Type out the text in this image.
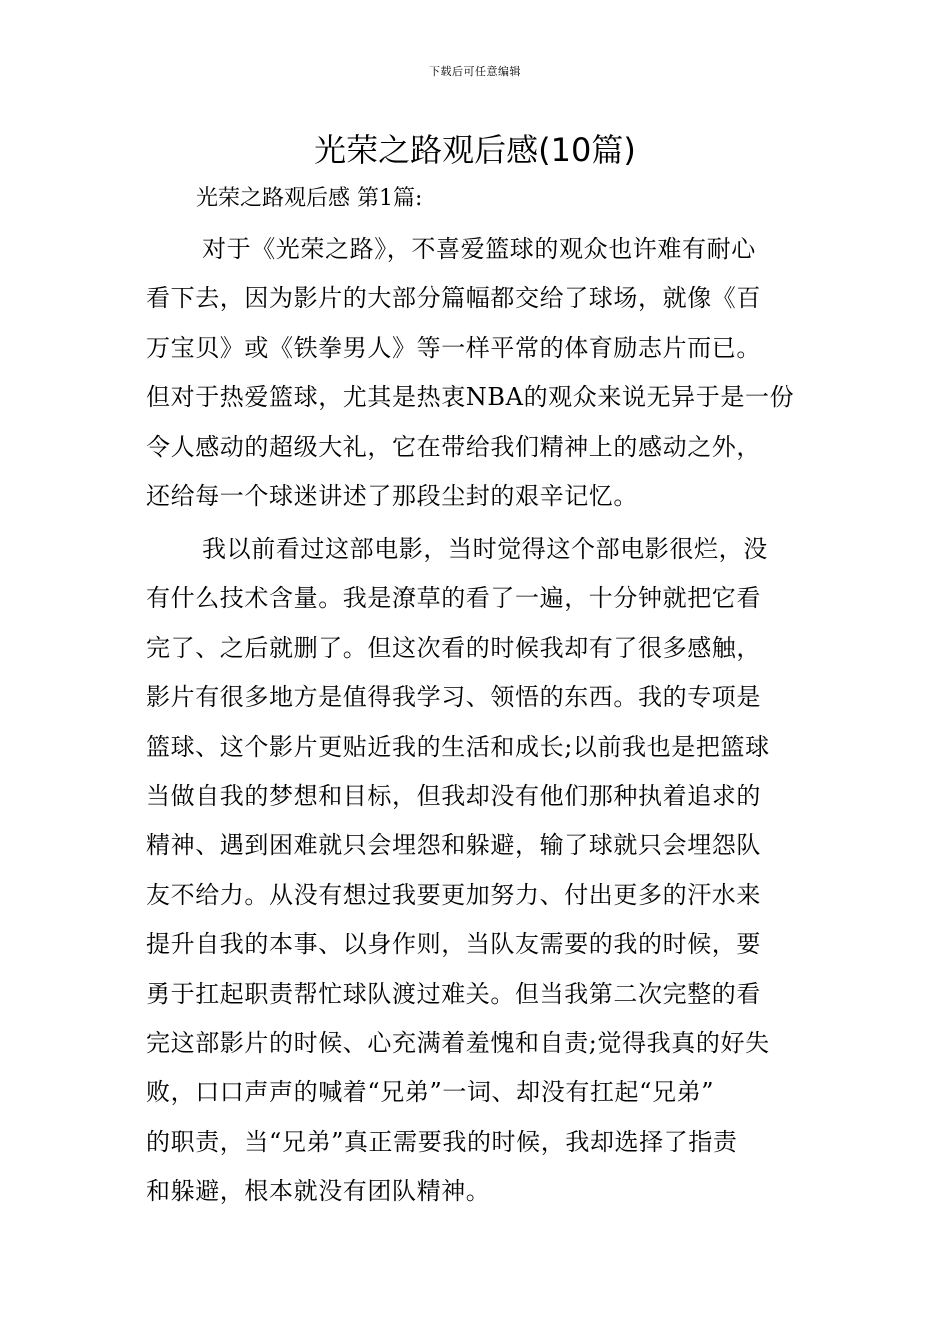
下载后可任意编辑
光荣之路观后感(10篇)
光荣之路观后感 第1篇:
对于《光荣之路》，不喜爱篮球的观众也许难有耐心
看下去，因为影片的大部分篇幅都交给了球场，就像《百
万宝贝》或《铁拳男人》等一样平常的体育励志片而已。
但对于热爱篮球，尤其是热衷NBA的观众来说无异于是一份
令人感动的超级大礼，它在带给我们精神上的感动之外，
还给每一个球迷讲述了那段尘封的艰辛记忆。
我以前看过这部电影，当时觉得这个部电影很烂，没
有什么技术含量。我是潦草的看了一遍，十分钟就把它看
完了、之后就删了。但这次看的时候我却有了很多感触，
影片有很多地方是值得我学习、领悟的东西。我的专项是
篮球、这个影片更贴近我的生活和成长;以前我也是把篮球
当做自我的梦想和目标，但我却没有他们那种执着追求的
精神、遇到困难就只会埋怨和躲避，输了球就只会埋怨队
友不给力。从没有想过我要更加努力、付出更多的汗水来
提升自我的本事、以身作则，当队友需要的我的时候，要
勇于扛起职责帮忙球队渡过难关。但当我第二次完整的看
完这部影片的时候、心充满着羞愧和自责;觉得我真的好失
败，口口声声的喊着“兄弟”一词、却没有扛起“兄弟”
的职责，当“兄弟”真正需要我的时候，我却选择了指责
和躲避，根本就没有团队精神。
